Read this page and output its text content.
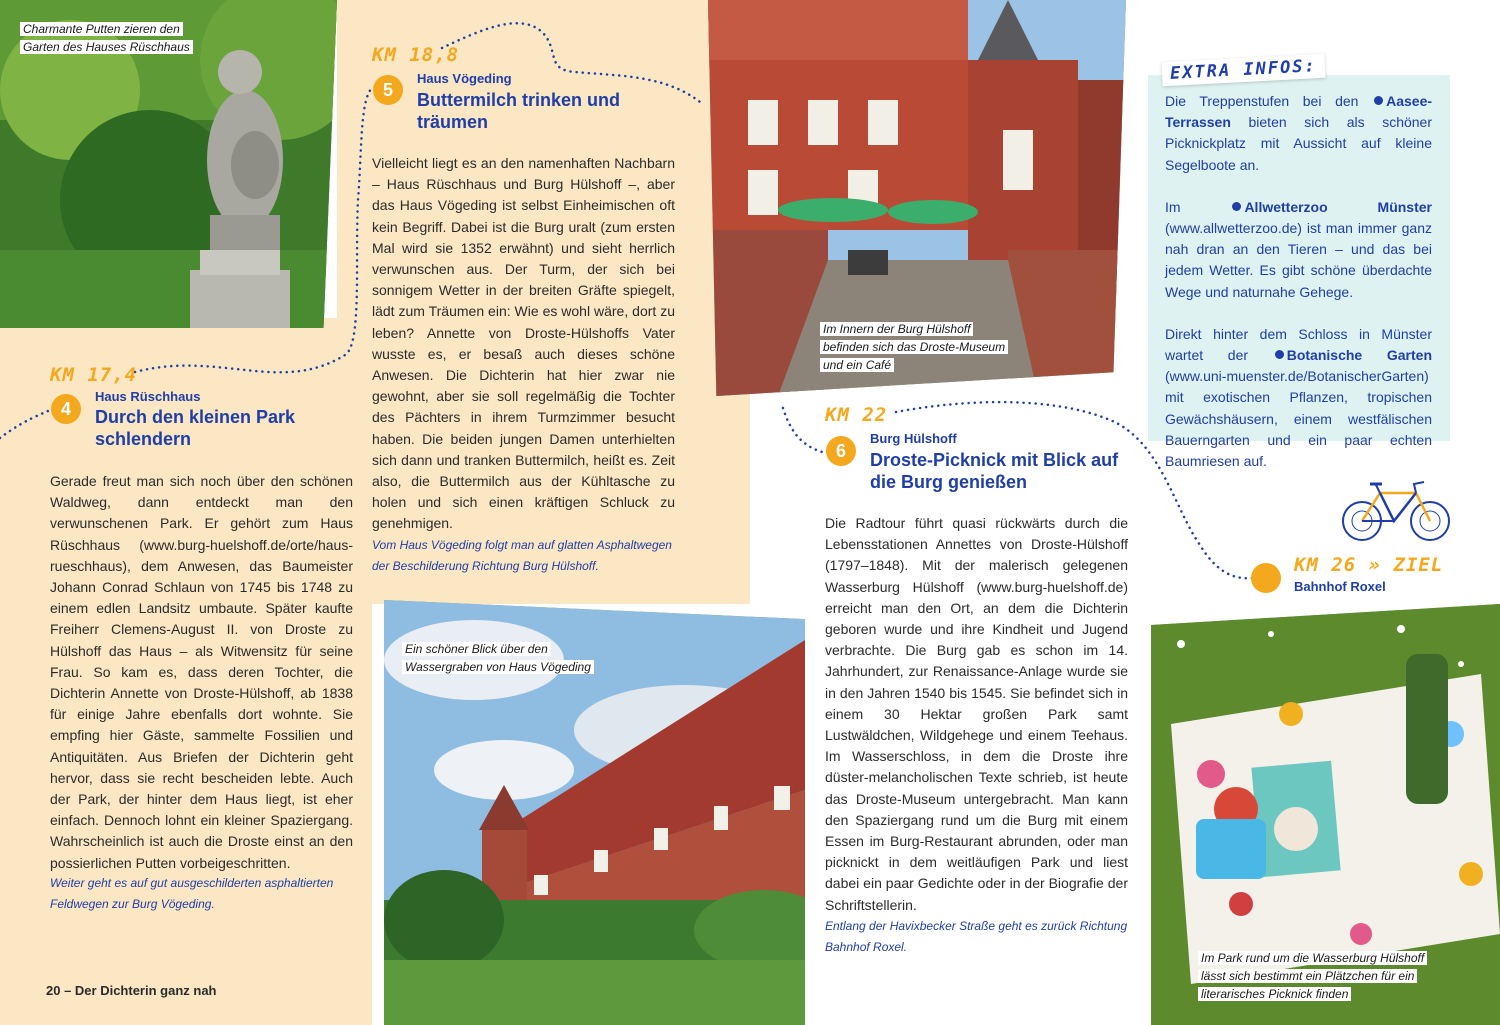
Charmante Putten zieren den Garten des Hauses Rüschhaus
Im Innern der Burg Hülshoff befinden sich das Droste-Museum und ein Café
Ein schöner Blick über den Wassergraben von Haus Vögeding
Im Park rund um die Wasserburg Hülshoff lässt sich bestimmt ein Plätzchen für ein literarisches Picknick finden
KM 17,4
4
Haus Rüschhaus
Durch den kleinen Park schlendern
Gerade freut man sich noch über den schönen Waldweg, dann entdeckt man den verwunschenen Park. Er gehört zum Haus Rüschhaus (www.burg-huelshoff.de/orte/haus-rueschhaus), dem Anwesen, das Baumeister Johann Conrad Schlaun von 1745 bis 1748 zu einem edlen Landsitz umbaute. Später kaufte Freiherr Clemens-August II. von Droste zu Hülshoff das Haus – als Witwensitz für seine Frau. So kam es, dass deren Tochter, die Dichterin Annette von Droste-Hülshoff, ab 1838 für einige Jahre ebenfalls dort wohnte. Sie empfing hier Gäste, sammelte Fossilien und Antiquitäten. Aus Briefen der Dichterin geht hervor, dass sie recht bescheiden lebte. Auch der Park, der hinter dem Haus liegt, ist eher einfach. Dennoch lohnt ein kleiner Spaziergang. Wahrscheinlich ist auch die Droste einst an den possierlichen Putten vorbeigeschritten.
Weiter geht es auf gut ausgeschilderten asphaltierten Feldwegen zur Burg Vögeding.
KM 18,8
5
Haus Vögeding
Buttermilch trinken und träumen
Vielleicht liegt es an den namenhaften Nachbarn – Haus Rüschhaus und Burg Hülshoff –, aber das Haus Vögeding ist selbst Einheimischen oft kein Begriff. Dabei ist die Burg uralt (zum ersten Mal wird sie 1352 erwähnt) und sieht herrlich verwunschen aus. Der Turm, der sich bei sonnigem Wetter in der breiten Gräfte spiegelt, lädt zum Träumen ein: Wie es wohl wäre, dort zu leben? Annette von Droste-Hülshoffs Vater wusste es, er besaß auch dieses schöne Anwesen. Die Dichterin hat hier zwar nie gewohnt, aber sie soll regelmäßig die Tochter des Pächters in ihrem Turmzimmer besucht haben. Die beiden jungen Damen unterhielten sich dann und tranken Buttermilch, heißt es. Zeit also, die Buttermilch aus der Kühltasche zu holen und sich einen kräftigen Schluck zu genehmigen.
Vom Haus Vögeding folgt man auf glatten Asphaltwegen der Beschilderung Richtung Burg Hülshoff.
KM 22
6
Burg Hülshoff
Droste-Picknick mit Blick auf die Burg genießen
Die Radtour führt quasi rückwärts durch die Lebensstationen Annettes von Droste-Hülshoff (1797–1848). Mit der malerisch gelegenen Wasserburg Hülshoff (www.burg-huelshoff.de) erreicht man den Ort, an dem die Dichterin geboren wurde und ihre Kindheit und Jugend verbrachte. Die Burg gab es schon im 14. Jahrhundert, zur Renaissance-Anlage wurde sie in den Jahren 1540 bis 1545. Sie befindet sich in einem 30 Hektar großen Park samt Lustwäldchen, Wildgehege und einem Teehaus. Im Wasserschloss, in dem die Droste ihre düster-melancholischen Texte schrieb, ist heute das Droste-Museum untergebracht. Man kann den Spaziergang rund um die Burg mit einem Essen im Burg-Restaurant abrunden, oder man picknickt in dem weitläufigen Park und liest dabei ein paar Gedichte oder in der Biografie der Schriftstellerin.
Entlang der Havixbecker Straße geht es zurück Richtung Bahnhof Roxel.

Die Treppenstufen bei den Aasee-Terrassen bieten sich als schöner Picknickplatz mit Aussicht auf kleine Segelboote an.

Im	Allwetterzoo Münster (www.allwetterzoo.de) ist man immer ganz nah dran an den Tieren – und das bei jedem Wetter. Es gibt schöne überdachte Wege und naturnahe Gehege.

Direkt hinter dem Schloss in Münster wartet der	Botanische Garten (www.uni-muenster.de/BotanischerGarten) mit exotischen Pflanzen, tropischen Gewächshäusern, einem westfälischen Bauerngarten und ein paar echten Baumriesen auf.

EXTRA INFOS:
KM 26 » ZIEL
Bahnhof Roxel
20 – Der Dichterin ganz nah
